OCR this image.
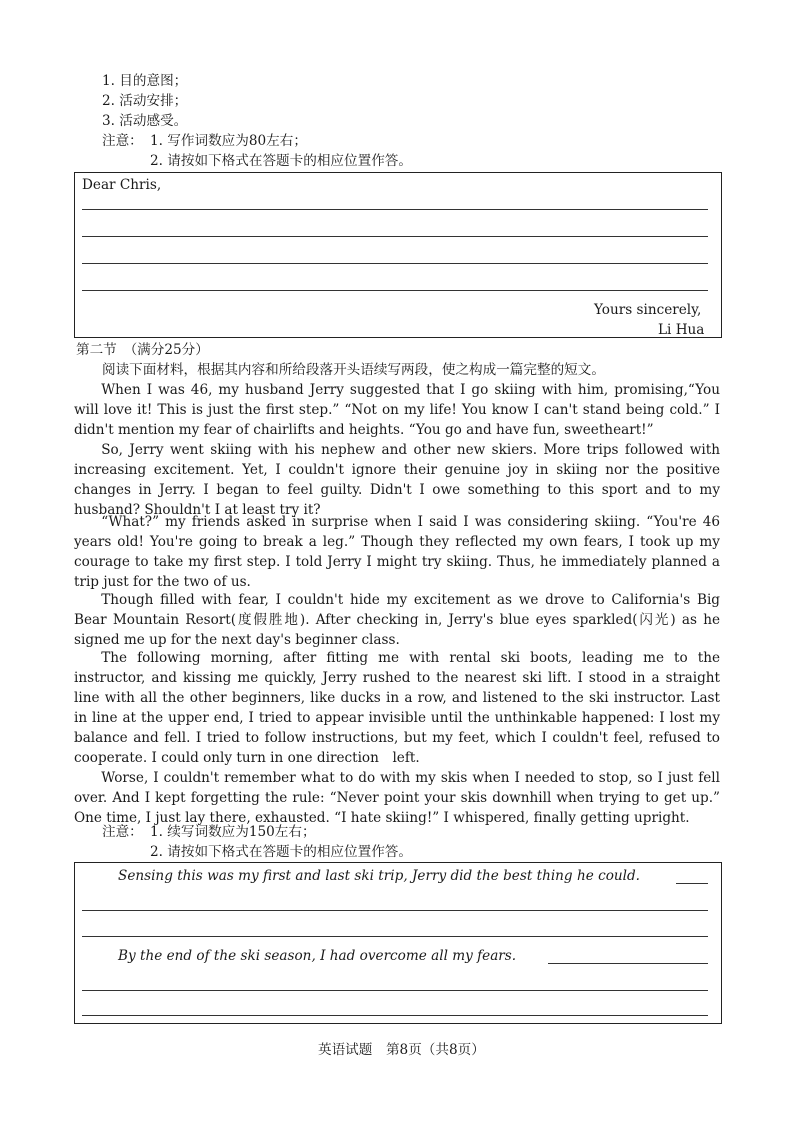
1. 目的意图；
2. 活动安排；
3. 活动感受。
注意： 1. 写作词数应为80左右；
2. 请按如下格式在答题卡的相应位置作答。
Dear Chris,
Yours sincerely,
Li Hua
第二节　（满分25分）
阅读下面材料，根据其内容和所给段落开头语续写两段，使之构成一篇完整的短文。
When I was 46, my husband Jerry suggested that I go skiing with him, promising,“You will love it! This is just the first step.” “Not on my life! You know I can't stand being cold.” I didn't mention my fear of chairlifts and heights. “You go and have fun, sweetheart!”
So, Jerry went skiing with his nephew and other new skiers. More trips followed with increasing excitement. Yet, I couldn't ignore their genuine joy in skiing nor the positive changes in Jerry. I began to feel guilty. Didn't I owe something to this sport and to my husband? Shouldn't I at least try it?
“What?” my friends asked in surprise when I said I was considering skiing. “You're 46 years old! You're going to break a leg.” Though they reflected my own fears, I took up my courage to take my first step. I told Jerry I might try skiing. Thus, he immediately planned a trip just for the two of us.
Though filled with fear, I couldn't hide my excitement as we drove to California's Big Bear Mountain Resort(度假胜地). After checking in, Jerry's blue eyes sparkled(闪光) as he signed me up for the next day's beginner class.
The following morning, after fitting me with rental ski boots, leading me to the instructor, and kissing me quickly, Jerry rushed to the nearest ski lift. I stood in a straight line with all the other beginners, like ducks in a row, and listened to the ski instructor. Last in line at the upper end, I tried to appear invisible until the unthinkable happened: I lost my balance and fell. I tried to follow instructions, but my feet, which I couldn't feel, refused to cooperate. I could only turn in one direction　left.
Worse, I couldn't remember what to do with my skis when I needed to stop, so I just fell over. And I kept forgetting the rule: “Never point your skis downhill when trying to get up.” One time, I just lay there, exhausted. “I hate skiing!” I whispered, finally getting upright.
注意： 1. 续写词数应为150左右；
2. 请按如下格式在答题卡的相应位置作答。
Sensing this was my first and last ski trip, Jerry did the best thing he could.
By the end of the ski season, I had overcome all my fears.
英语试题　第8页（共8页）
